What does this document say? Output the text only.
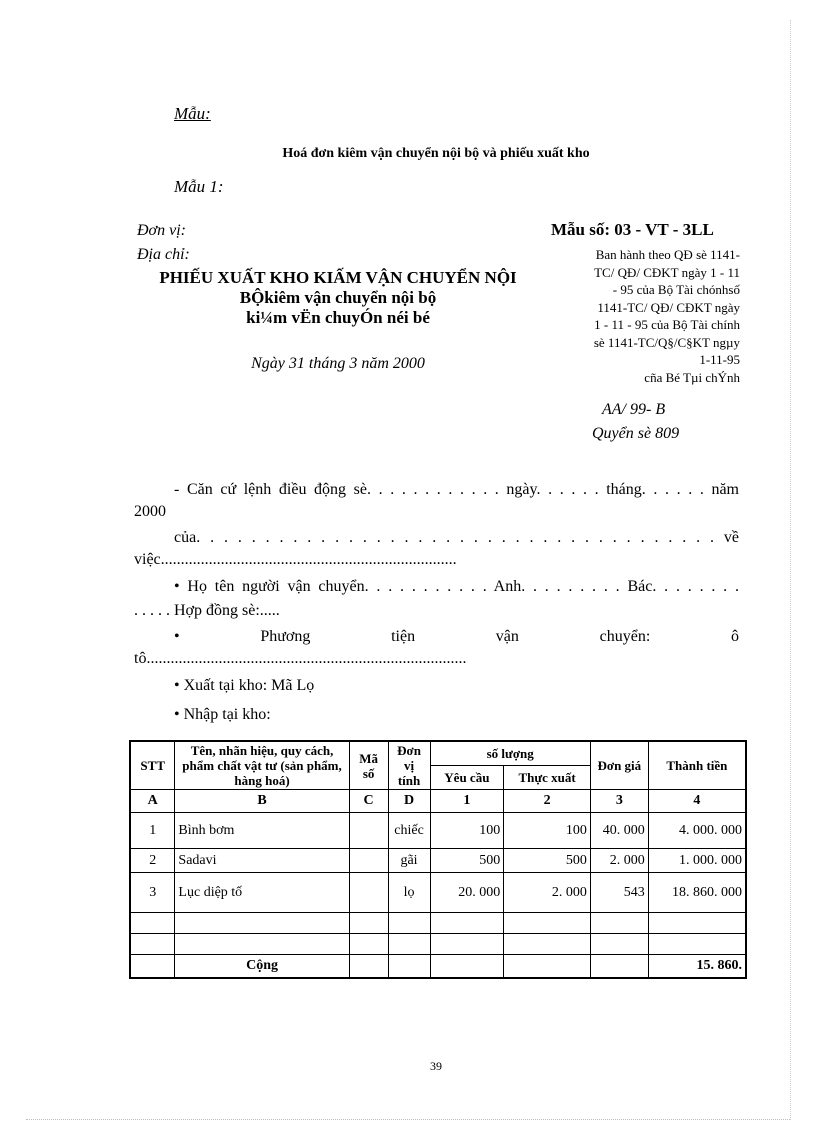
Mẫu:
Hoá đơn kiêm vận chuyển nội bộ và phiếu xuất kho
Mẫu 1:
Đơn vị:
Địa chỉ:
Mẫu số: 03 - VT - 3LL
PHIẾU XUẤT KHO KIẤM VẬN CHUYỂN NỘI
BỘkiêm vận chuyển nội bộ
ki¼m vËn chuyÓn néi bé
Ngày 31 tháng 3 năm 2000
Ban hành theo QĐ sè 1141-
TC/ QĐ/ CĐKT ngày 1 - 11
- 95 của Bộ Tài chónhsố
1141-TC/ QĐ/ CĐKT ngày
1 - 11 - 95 của Bộ Tài chính
sè 1141-TC/Q§/C§KT ngµy
1-11-95
cña Bé Tµi chÝnh
AA/ 99- B
Quyển sè 809
- Căn cứ lệnh điều động sè. . . . . . . . . . . . ngày. . . . . . tháng. . . . . . năm
2000
của. . . . . . . . . . . . . . . . . . . . . . . . . . . . . . . . . . . . . . về
việc..........................................................................
• Họ tên người vận chuyển. . . . . . . . . . . Anh. . . . . . . . . Bác. . . . . . . .
. . . . . Hợp đồng sè:.....
• Phương tiện vận chuyển: ô
tô................................................................................
• Xuất tại kho: Mã Lọ
• Nhập tại kho:
STT	Tên, nhãn hiệu, quy cách, phẩm chất vật tư (sản phẩm, hàng hoá)	Mã số	Đơn vị tính	số lượng		Đơn giá	Thành tiền
				Yêu cầu	Thực xuất		
A	B	C	D	1	2	3	4
1	Bình bơm		chiếc	100	100	40. 000	4. 000. 000
2	Sadavi		gãi	500	500	2. 000	1. 000. 000
3	Lục diệp tố		lọ	20. 000	2. 000	543	18. 860. 000

	Cộng						15. 860.
39
